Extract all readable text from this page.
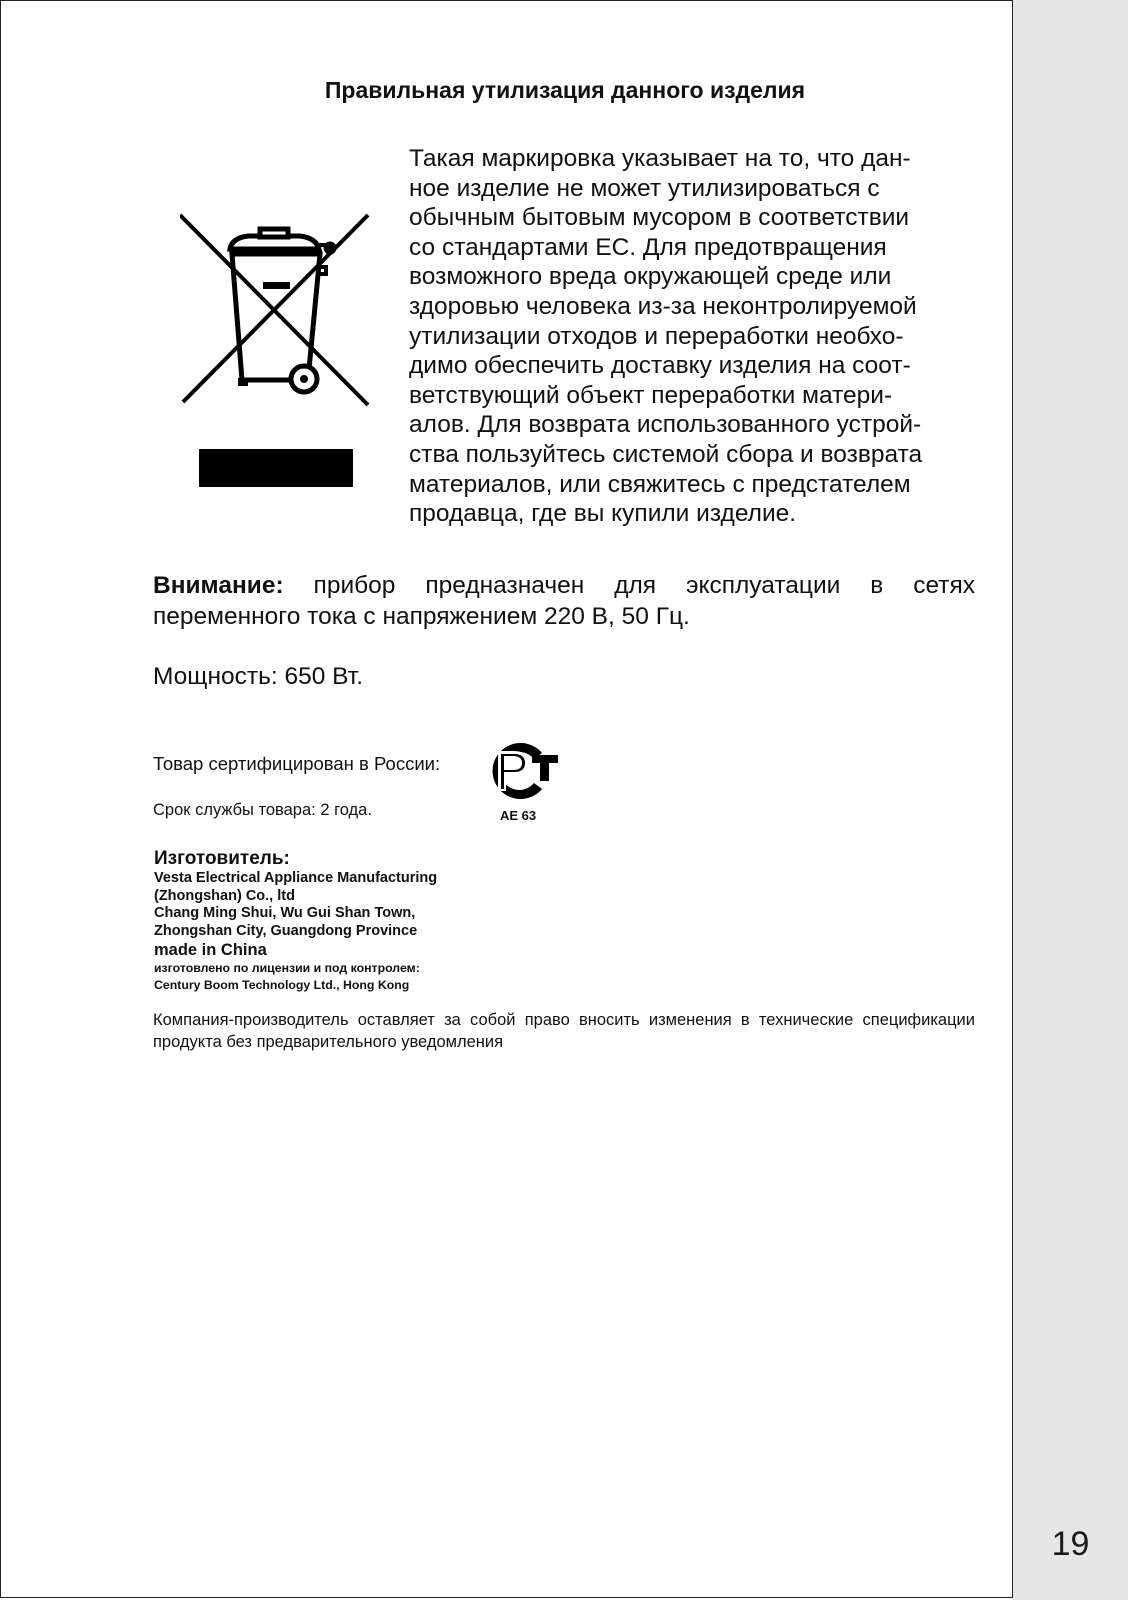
19
Правильная утилизация данного изделия
Такая маркировка указывает на то, что дан-
ное изделие не может утилизироваться с
обычным бытовым мусором в соответствии
со стандартами ЕС. Для предотвращения
возможного вреда окружающей среде или
здоровью человека из-за неконтролируемой
утилизации отходов и переработки необхо-
димо обеспечить доставку изделия на соот-
ветствующий объект переработки матери-
алов. Для возврата использованного устрой-
ства пользуйтесь системой сбора и возврата
материалов, или свяжитесь с предстателем
продавца, где вы купили изделие.

Внимание: прибор предназначен для эксплуатации в сетях переменного тока с напряжением 220 В, 50 Гц.

Мощность: 650 Вт.

Товар сертифицирован в России:

Срок службы товара: 2 года.	AE 63
Изготовитель:
Vesta Electrical Appliance Manufacturing
(Zhongshan) Co., ltd
Chang Ming Shui, Wu Gui Shan Town,
Zhongshan City, Guangdong Province
made in China
изготовлено по лицензии и под контролем:
Century Boom Technology Ltd., Hong Kong

Компания-производитель оставляет за собой право вносить изменения в технические спецификации продукта без предварительного уведомления
